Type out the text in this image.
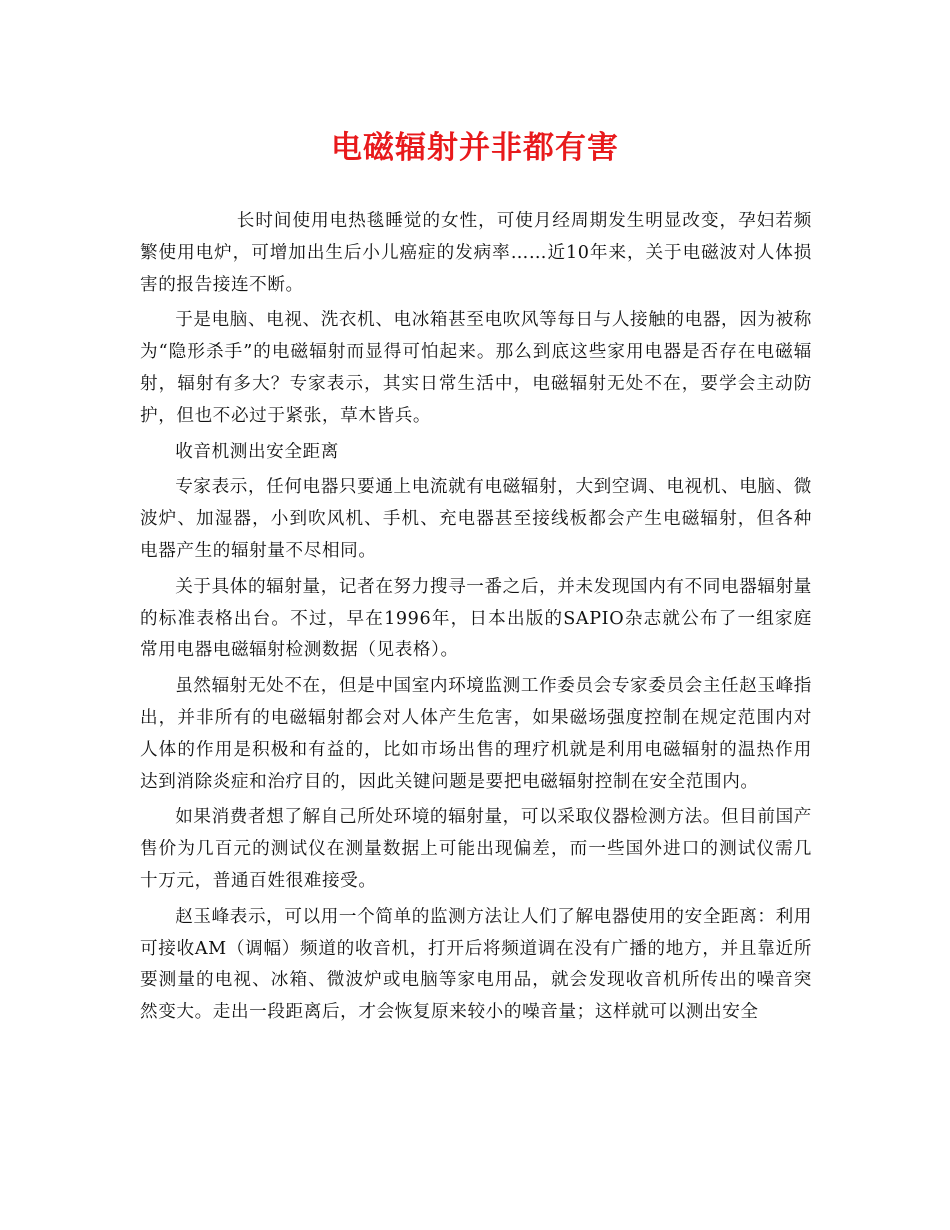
电磁辐射并非都有害

长时间使用电热毯睡觉的女性，可使月经周期发生明显改变，孕妇若频繁使用电炉，可增加出生后小儿癌症的发病率……近10年来，关于电磁波对人体损害的报告接连不断。

于是电脑、电视、洗衣机、电冰箱甚至电吹风等每日与人接触的电器，因为被称为“隐形杀手”的电磁辐射而显得可怕起来。那么到底这些家用电器是否存在电磁辐射，辐射有多大？专家表示，其实日常生活中，电磁辐射无处不在，要学会主动防护，但也不必过于紧张，草木皆兵。

收音机测出安全距离

专家表示，任何电器只要通上电流就有电磁辐射，大到空调、电视机、电脑、微波炉、加湿器，小到吹风机、手机、充电器甚至接线板都会产生电磁辐射，但各种电器产生的辐射量不尽相同。

关于具体的辐射量，记者在努力搜寻一番之后，并未发现国内有不同电器辐射量的标准表格出台。不过，早在1996年，日本出版的SAPIO杂志就公布了一组家庭常用电器电磁辐射检测数据（见表格）。

虽然辐射无处不在，但是中国室内环境监测工作委员会专家委员会主任赵玉峰指出，并非所有的电磁辐射都会对人体产生危害，如果磁场强度控制在规定范围内对人体的作用是积极和有益的，比如市场出售的理疗机就是利用电磁辐射的温热作用达到消除炎症和治疗目的，因此关键问题是要把电磁辐射控制在安全范围内。

如果消费者想了解自己所处环境的辐射量，可以采取仪器检测方法。但目前国产售价为几百元的测试仪在测量数据上可能出现偏差，而一些国外进口的测试仪需几十万元，普通百姓很难接受。

赵玉峰表示，可以用一个简单的监测方法让人们了解电器使用的安全距离：利用可接收AM（调幅）频道的收音机，打开后将频道调在没有广播的地方，并且靠近所要测量的电视、冰箱、微波炉或电脑等家电用品，就会发现收音机所传出的噪音突然变大。走出一段距离后，才会恢复原来较小的噪音量；这样就可以测出安全
